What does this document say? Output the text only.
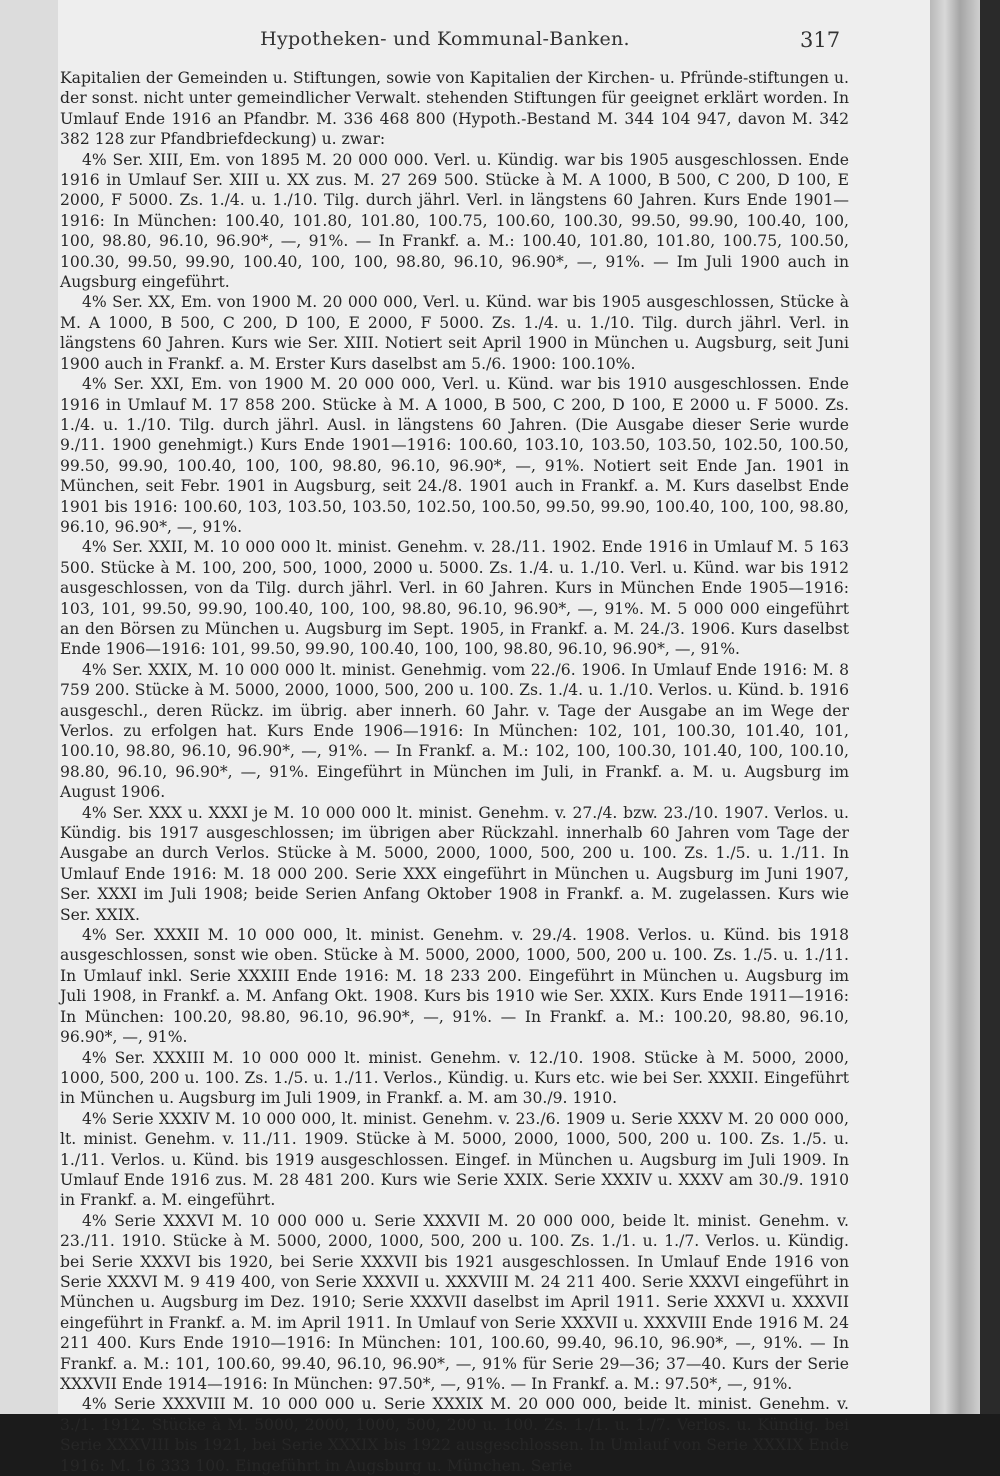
Hypotheken- und Kommunal-Banken.	317

Kapitalien der Gemeinden u. Stiftungen, sowie von Kapitalien der Kirchen- u. Pfründe-stiftungen u. der sonst. nicht unter gemeindlicher Verwalt. stehenden Stiftungen für geeignet erklärt worden. In Umlauf Ende 1916 an Pfandbr. M. 336 468 800 (Hypoth.-Bestand M. 344 104 947, davon M. 342 382 128 zur Pfandbriefdeckung) u. zwar:

4% Ser. XIII, Em. von 1895 M. 20 000 000. Verl. u. Kündig. war bis 1905 ausgeschlossen. Ende 1916 in Umlauf Ser. XIII u. XX zus. M. 27 269 500. Stücke à M. A 1000, B 500, C 200, D 100, E 2000, F 5000. Zs. 1./4. u. 1./10. Tilg. durch jährl. Verl. in längstens 60 Jahren. Kurs Ende 1901—1916: In München: 100.40, 101.80, 101.80, 100.75, 100.60, 100.30, 99.50, 99.90, 100.40, 100, 100, 98.80, 96.10, 96.90*, —, 91%. — In Frankf. a. M.: 100.40, 101.80, 101.80, 100.75, 100.50, 100.30, 99.50, 99.90, 100.40, 100, 100, 98.80, 96.10, 96.90*, —, 91%. — Im Juli 1900 auch in Augsburg eingeführt.

4% Ser. XX, Em. von 1900 M. 20 000 000, Verl. u. Künd. war bis 1905 ausgeschlossen, Stücke à M. A 1000, B 500, C 200, D 100, E 2000, F 5000. Zs. 1./4. u. 1./10. Tilg. durch jährl. Verl. in längstens 60 Jahren. Kurs wie Ser. XIII. Notiert seit April 1900 in München u. Augsburg, seit Juni 1900 auch in Frankf. a. M. Erster Kurs daselbst am 5./6. 1900: 100.10%.

4% Ser. XXI, Em. von 1900 M. 20 000 000, Verl. u. Künd. war bis 1910 ausgeschlossen. Ende 1916 in Umlauf M. 17 858 200. Stücke à M. A 1000, B 500, C 200, D 100, E 2000 u. F 5000. Zs. 1./4. u. 1./10. Tilg. durch jährl. Ausl. in längstens 60 Jahren. (Die Ausgabe dieser Serie wurde 9./11. 1900 genehmigt.) Kurs Ende 1901—1916: 100.60, 103.10, 103.50, 103.50, 102.50, 100.50, 99.50, 99.90, 100.40, 100, 100, 98.80, 96.10, 96.90*, —, 91%. Notiert seit Ende Jan. 1901 in München, seit Febr. 1901 in Augsburg, seit 24./8. 1901 auch in Frankf. a. M. Kurs daselbst Ende 1901 bis 1916: 100.60, 103, 103.50, 103.50, 102.50, 100.50, 99.50, 99.90, 100.40, 100, 100, 98.80, 96.10, 96.90*, —, 91%.

4% Ser. XXII, M. 10 000 000 lt. minist. Genehm. v. 28./11. 1902. Ende 1916 in Umlauf M. 5 163 500. Stücke à M. 100, 200, 500, 1000, 2000 u. 5000. Zs. 1./4. u. 1./10. Verl. u. Künd. war bis 1912 ausgeschlossen, von da Tilg. durch jährl. Verl. in 60 Jahren. Kurs in München Ende 1905—1916: 103, 101, 99.50, 99.90, 100.40, 100, 100, 98.80, 96.10, 96.90*, —, 91%. M. 5 000 000 eingeführt an den Börsen zu München u. Augsburg im Sept. 1905, in Frankf. a. M. 24./3. 1906. Kurs daselbst Ende 1906—1916: 101, 99.50, 99.90, 100.40, 100, 100, 98.80, 96.10, 96.90*, —, 91%.

4% Ser. XXIX, M. 10 000 000 lt. minist. Genehmig. vom 22./6. 1906. In Umlauf Ende 1916: M. 8 759 200. Stücke à M. 5000, 2000, 1000, 500, 200 u. 100. Zs. 1./4. u. 1./10. Verlos. u. Künd. b. 1916 ausgeschl., deren Rückz. im übrig. aber innerh. 60 Jahr. v. Tage der Ausgabe an im Wege der Verlos. zu erfolgen hat. Kurs Ende 1906—1916: In München: 102, 101, 100.30, 101.40, 101, 100.10, 98.80, 96.10, 96.90*, —, 91%. — In Frankf. a. M.: 102, 100, 100.30, 101.40, 100, 100.10, 98.80, 96.10, 96.90*, —, 91%. Eingeführt in München im Juli, in Frankf. a. M. u. Augsburg im August 1906.

4% Ser. XXX u. XXXI je M. 10 000 000 lt. minist. Genehm. v. 27./4. bzw. 23./10. 1907. Verlos. u. Kündig. bis 1917 ausgeschlossen; im übrigen aber Rückzahl. innerhalb 60 Jahren vom Tage der Ausgabe an durch Verlos. Stücke à M. 5000, 2000, 1000, 500, 200 u. 100. Zs. 1./5. u. 1./11. In Umlauf Ende 1916: M. 18 000 200. Serie XXX eingeführt in München u. Augsburg im Juni 1907, Ser. XXXI im Juli 1908; beide Serien Anfang Oktober 1908 in Frankf. a. M. zugelassen. Kurs wie Ser. XXIX.

4% Ser. XXXII M. 10 000 000, lt. minist. Genehm. v. 29./4. 1908. Verlos. u. Künd. bis 1918 ausgeschlossen, sonst wie oben. Stücke à M. 5000, 2000, 1000, 500, 200 u. 100. Zs. 1./5. u. 1./11. In Umlauf inkl. Serie XXXIII Ende 1916: M. 18 233 200. Eingeführt in München u. Augsburg im Juli 1908, in Frankf. a. M. Anfang Okt. 1908. Kurs bis 1910 wie Ser. XXIX. Kurs Ende 1911—1916: In München: 100.20, 98.80, 96.10, 96.90*, —, 91%. — In Frankf. a. M.: 100.20, 98.80, 96.10, 96.90*, —, 91%.

4% Ser. XXXIII M. 10 000 000 lt. minist. Genehm. v. 12./10. 1908. Stücke à M. 5000, 2000, 1000, 500, 200 u. 100. Zs. 1./5. u. 1./11. Verlos., Kündig. u. Kurs etc. wie bei Ser. XXXII. Eingeführt in München u. Augsburg im Juli 1909, in Frankf. a. M. am 30./9. 1910.

4% Serie XXXIV M. 10 000 000, lt. minist. Genehm. v. 23./6. 1909 u. Serie XXXV M. 20 000 000, lt. minist. Genehm. v. 11./11. 1909. Stücke à M. 5000, 2000, 1000, 500, 200 u. 100. Zs. 1./5. u. 1./11. Verlos. u. Künd. bis 1919 ausgeschlossen. Eingef. in München u. Augsburg im Juli 1909. In Umlauf Ende 1916 zus. M. 28 481 200. Kurs wie Serie XXIX. Serie XXXIV u. XXXV am 30./9. 1910 in Frankf. a. M. eingeführt.

4% Serie XXXVI M. 10 000 000 u. Serie XXXVII M. 20 000 000, beide lt. minist. Genehm. v. 23./11. 1910. Stücke à M. 5000, 2000, 1000, 500, 200 u. 100. Zs. 1./1. u. 1./7. Verlos. u. Kündig. bei Serie XXXVI bis 1920, bei Serie XXXVII bis 1921 ausgeschlossen. In Umlauf Ende 1916 von Serie XXXVI M. 9 419 400, von Serie XXXVII u. XXXVIII M. 24 211 400. Serie XXXVI eingeführt in München u. Augsburg im Dez. 1910; Serie XXXVII daselbst im April 1911. Serie XXXVI u. XXXVII eingeführt in Frankf. a. M. im April 1911. In Umlauf von Serie XXXVII u. XXXVIII Ende 1916 M. 24 211 400. Kurs Ende 1910—1916: In München: 101, 100.60, 99.40, 96.10, 96.90*, —, 91%. — In Frankf. a. M.: 101, 100.60, 99.40, 96.10, 96.90*, —, 91% für Serie 29—36; 37—40. Kurs der Serie XXXVII Ende 1914—1916: In München: 97.50*, —, 91%. — In Frankf. a. M.: 97.50*, —, 91%.

4% Serie XXXVIII M. 10 000 000 u. Serie XXXIX M. 20 000 000, beide lt. minist. Genehm. v. 3./1. 1912. Stücke à M. 5000, 2000, 1000, 500, 200 u. 100. Zs. 1./1. u. 1./7. Verlos. u. Kündig. bei Serie XXXVIII bis 1921, bei Serie XXXIX bis 1922 ausgeschlossen. In Umlauf von Serie XXXIX Ende 1916: M. 16 333 100. Eingeführt in Augsburg u. München. Serie
